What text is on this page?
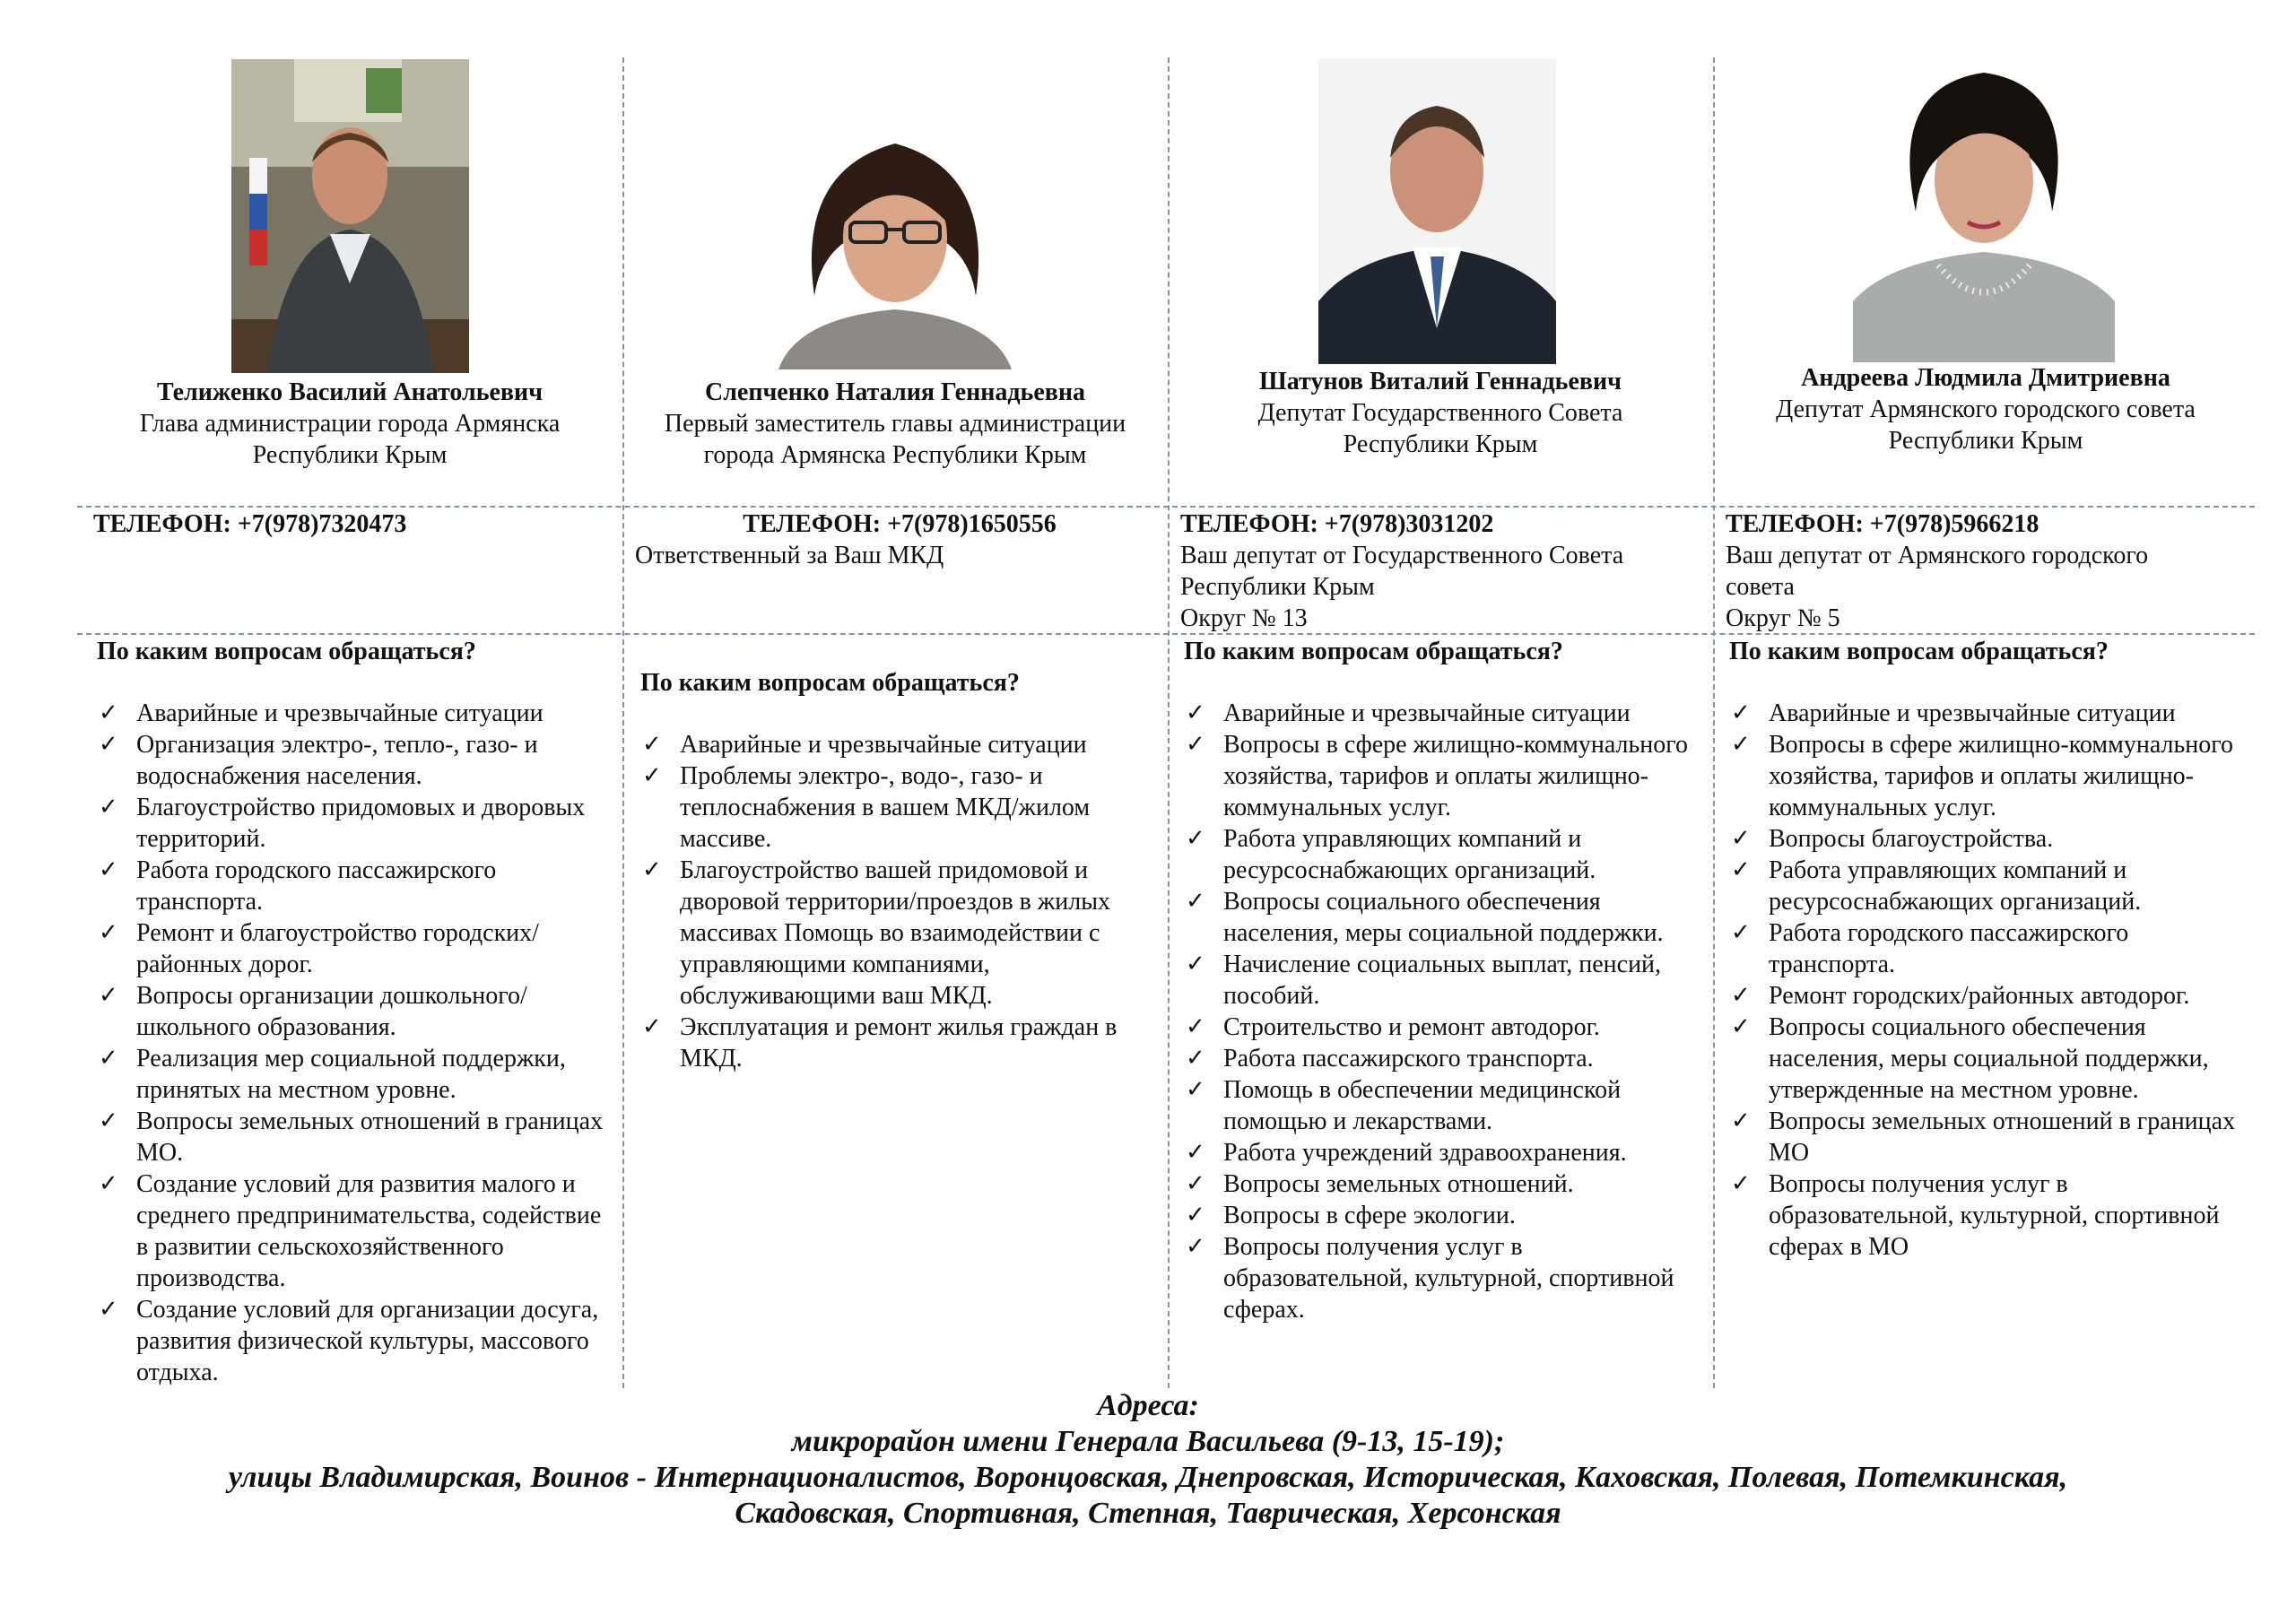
Телиженко Василий Анатольевич
Глава администрации города Армянска
Республики Крым
ТЕЛЕФОН: +7(978)7320473
По каким вопросам обращаться?
✓ Аварийные и чрезвычайные ситуации
✓ Организация электро-, тепло-, газо- и водоснабжения населения.
✓ Благоустройство придомовых и дворовых территорий.
✓ Работа городского пассажирского транспорта.
✓ Ремонт и благоустройство городских/районных дорог.
✓ Вопросы организации дошкольного/школьного образования.
✓ Реализация мер социальной поддержки, принятых на местном уровне.
✓ Вопросы земельных отношений в границах МО.
✓ Создание условий для развития малого и среднего предпринимательства, содействие в развитии сельскохозяйственного производства.
✓ Создание условий для организации досуга, развития физической культуры, массового отдыха.
Слепченко Наталия Геннадьевна
Первый заместитель главы администрации
города Армянска Республики Крым
ТЕЛЕФОН: +7(978)1650556
Ответственный за Ваш МКД
По каким вопросам обращаться?
✓ Аварийные и чрезвычайные ситуации
✓ Проблемы электро-, водо-, газо- и теплоснабжения в вашем МКД/жилом массиве.
✓ Благоустройство вашей придомовой и дворовой территории/проездов в жилых массивах Помощь во взаимодействии с управляющими компаниями, обслуживающими ваш МКД.
✓ Эксплуатация и ремонт жилья граждан в МКД.
Шатунов Виталий Геннадьевич
Депутат Государственного Совета
Республики Крым
ТЕЛЕФОН: +7(978)3031202
Ваш депутат от Государственного Совета
Республики Крым
Округ № 13
По каким вопросам обращаться?
✓ Аварийные и чрезвычайные ситуации
✓ Вопросы в сфере жилищно-коммунального хозяйства, тарифов и оплаты жилищно-коммунальных услуг.
✓ Работа управляющих компаний и ресурсоснабжающих организаций.
✓ Вопросы социального обеспечения населения, меры социальной поддержки.
✓ Начисление социальных выплат, пенсий, пособий.
✓ Строительство и ремонт автодорог.
✓ Работа пассажирского транспорта.
✓ Помощь в обеспечении медицинской помощью и лекарствами.
✓ Работа учреждений здравоохранения.
✓ Вопросы земельных отношений.
✓ Вопросы в сфере экологии.
✓ Вопросы получения услуг в образовательной, культурной, спортивной сферах.
Андреева Людмила Дмитриевна
Депутат Армянского городского совета
Республики Крым
ТЕЛЕФОН: +7(978)5966218
Ваш депутат от Армянского городского
совета
Округ № 5
По каким вопросам обращаться?
✓ Аварийные и чрезвычайные ситуации
✓ Вопросы в сфере жилищно-коммунального хозяйства, тарифов и оплаты жилищно-коммунальных услуг.
✓ Вопросы благоустройства.
✓ Работа управляющих компаний и ресурсоснабжающих организаций.
✓ Работа городского пассажирского транспорта.
✓ Ремонт городских/районных автодорог.
✓ Вопросы социального обеспечения населения, меры социальной поддержки, утвержденные на местном уровне.
✓ Вопросы земельных отношений в границах МО
✓ Вопросы получения услуг в образовательной, культурной, спортивной сферах в МО
Адреса:
микрорайон имени Генерала Васильева (9-13, 15-19);
улицы Владимирская, Воинов - Интернационалистов, Воронцовская, Днепровская, Историческая, Каховская, Полевая, Потемкинская,
Скадовская, Спортивная, Степная, Таврическая, Херсонская
